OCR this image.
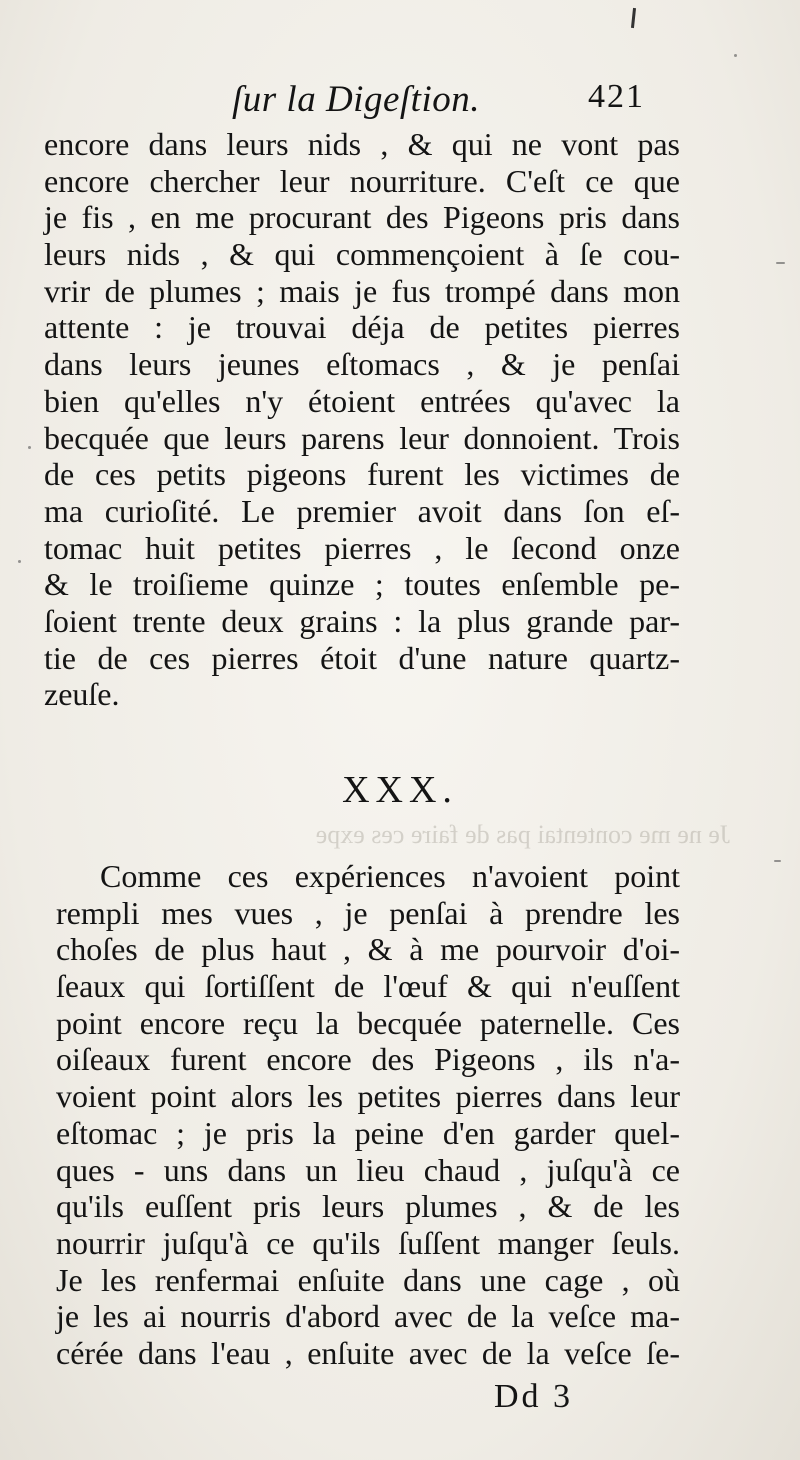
ſur la Digeſtion.	421
encore dans leurs nids , & qui ne vont pas
encore chercher leur nourriture. C'eſt ce que
je fis , en me procurant des Pigeons pris dans
leurs nids , & qui commençoient à ſe cou-
vrir de plumes ; mais je fus trompé dans mon
attente : je trouvai déja de petites pierres
dans leurs jeunes eſtomacs , & je penſai
bien qu'elles n'y étoient entrées qu'avec la
becquée que leurs parens leur donnoient. Trois
de ces petits pigeons furent les victimes de
ma curioſité. Le premier avoit dans ſon eſ-
tomac huit petites pierres , le ſecond onze
& le troiſieme quinze ; toutes enſemble pe-
ſoient trente deux grains : la plus grande par-
tie de ces pierres étoit d'une nature quartz-
zeuſe.
XXX.
Je ne me contentai pas de faire ces expe
Comme ces expériences n'avoient point
rempli mes vues , je penſai à prendre les
choſes de plus haut , & à me pourvoir d'oi-
ſeaux qui ſortiſſent de l'œuf & qui n'euſſent
point encore reçu la becquée paternelle. Ces
oiſeaux furent encore des Pigeons , ils n'a-
voient point alors les petites pierres dans leur
eſtomac ; je pris la peine d'en garder quel-
ques - uns dans un lieu chaud , juſqu'à ce
qu'ils euſſent pris leurs plumes , & de les
nourrir juſqu'à ce qu'ils ſuſſent manger ſeuls.
Je les renfermai enſuite dans une cage , où
je les ai nourris d'abord avec de la veſce ma-
cérée dans l'eau , enſuite avec de la veſce ſe-
Dd 3
